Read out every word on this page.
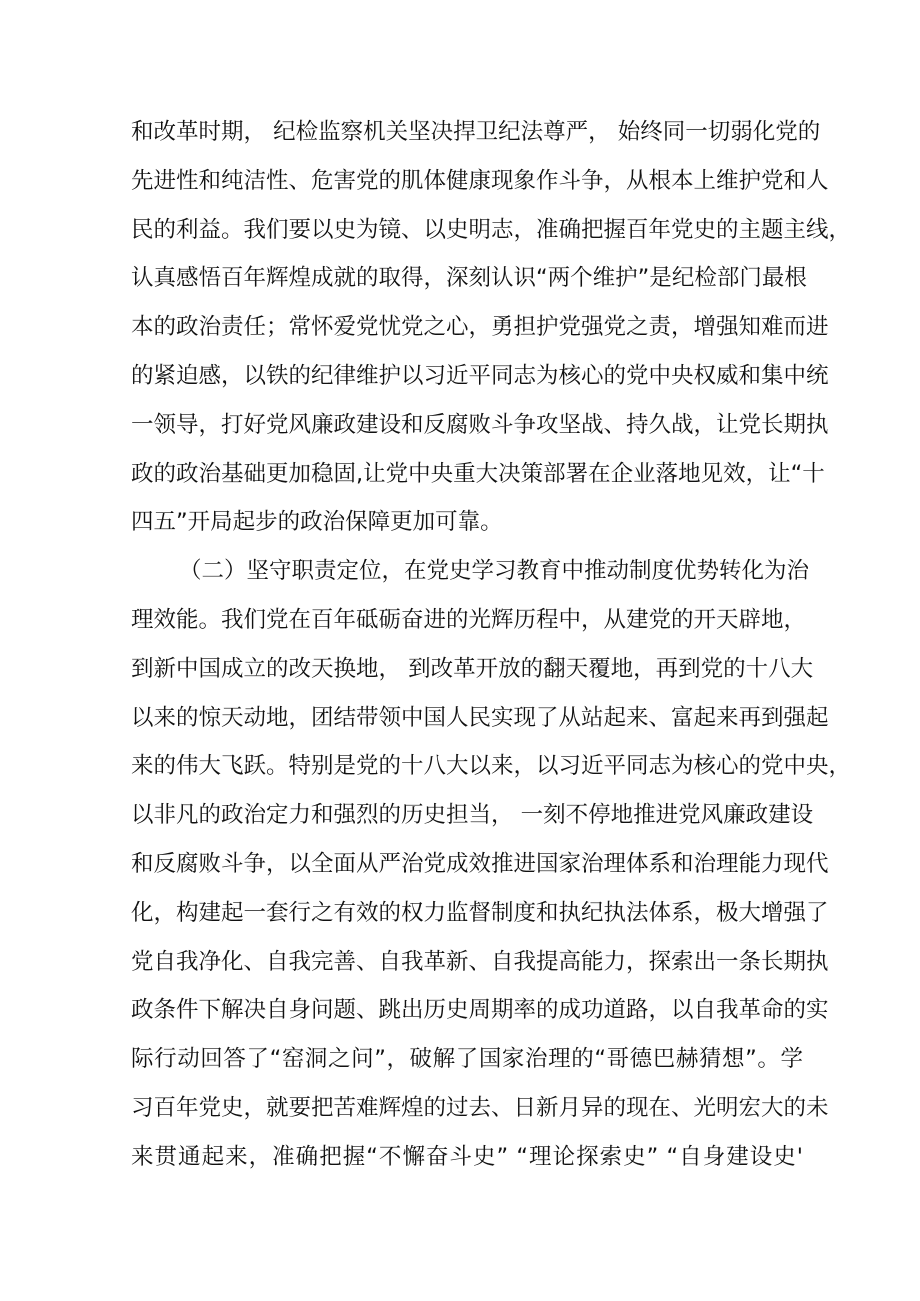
和改革时期， 纪检监察机关坚决捍卫纪法尊严， 始终同一切弱化党的
先进性和纯洁性、危害党的肌体健康现象作斗争，从根本上维护党和人
民的利益。我们要以史为镜、以史明志，准确把握百年党史的主题主线，
认真感悟百年辉煌成就的取得，深刻认识“两个维护”是纪检部门最根
本的政治责任；常怀爱党忧党之心，勇担护党强党之责，增强知难而进
的紧迫感，以铁的纪律维护以习近平同志为核心的党中央权威和集中统
一领导，打好党风廉政建设和反腐败斗争攻坚战、持久战，让党长期执
政的政治基础更加稳固,让党中央重大决策部署在企业落地见效，让“十
四五”开局起步的政治保障更加可靠。
（二）坚守职责定位，在党史学习教育中推动制度优势转化为治
理效能。我们党在百年砥砺奋进的光辉历程中，从建党的开天辟地，
到新中国成立的改天换地， 到改革开放的翻天覆地，再到党的十八大
以来的惊天动地，团结带领中国人民实现了从站起来、富起来再到强起
来的伟大飞跃。特别是党的十八大以来，以习近平同志为核心的党中央，
以非凡的政治定力和强烈的历史担当， 一刻不停地推进党风廉政建设
和反腐败斗争，以全面从严治党成效推进国家治理体系和治理能力现代
化，构建起一套行之有效的权力监督制度和执纪执法体系，极大增强了
党自我净化、自我完善、自我革新、自我提高能力，探索出一条长期执
政条件下解决自身问题、跳出历史周期率的成功道路，以自我革命的实
际行动回答了“窑洞之问”，破解了国家治理的“哥德巴赫猜想”。学
习百年党史，就要把苦难辉煌的过去、日新月异的现在、光明宏大的未
来贯通起来，准确把握“不懈奋斗史” “理论探索史” “自身建设史'
